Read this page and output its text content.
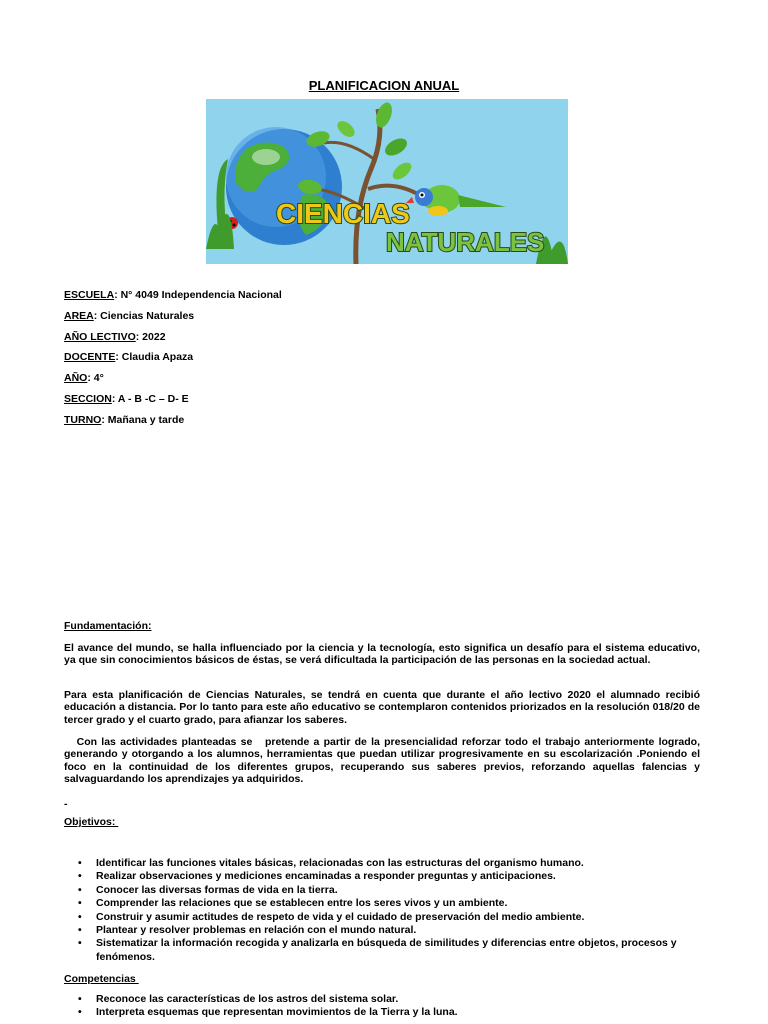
PLANIFICACION ANUAL
CIENCIAS
NATURALES
ESCUELA: N° 4049 Independencia Nacional
AREA: Ciencias Naturales
AÑO LECTIVO: 2022
DOCENTE: Claudia Apaza
AÑO: 4°
SECCION: A - B -C – D- E
TURNO: Mañana y tarde
Fundamentación:

El avance del mundo, se halla influenciado por la ciencia y la tecnología, esto significa un desafío para el sistema educativo, ya que sin conocimientos básicos de éstas, se verá dificultada la participación de las personas en la sociedad actual.

Para esta planificación de Ciencias Naturales, se tendrá en cuenta que durante el año lectivo 2020 el alumnado recibió educación a distancia. Por lo tanto para este año educativo se contemplaron contenidos priorizados en la resolución 018/20 de tercer grado y el cuarto grado, para afianzar los saberes.

Con las actividades planteadas se   pretende a partir de la presencialidad reforzar todo el trabajo anteriormente logrado, generando y otorgando a los alumnos, herramientas que puedan utilizar progresivamente en su escolarización .Poniendo el foco en la continuidad de los diferentes grupos, recuperando sus saberes previos, reforzando aquellas falencias y salvaguardando los aprendizajes ya adquiridos.

-
Objetivos:
• Identificar las funciones vitales básicas, relacionadas con las estructuras del organismo humano.
• Realizar observaciones y mediciones encaminadas a responder preguntas y anticipaciones.
• Conocer las diversas formas de vida en la tierra.
• Comprender las relaciones que se establecen entre los seres vivos y un ambiente.
• Construir y asumir actitudes de respeto de vida y el cuidado de preservación del medio ambiente.
• Plantear y resolver problemas en relación con el mundo natural.
• Sistematizar la información recogida y analizarla en búsqueda de similitudes y diferencias entre objetos, procesos y fenómenos.
Competencias
• Reconoce las características de los astros del sistema solar.
• Interpreta esquemas que representan movimientos de la Tierra y la luna.
